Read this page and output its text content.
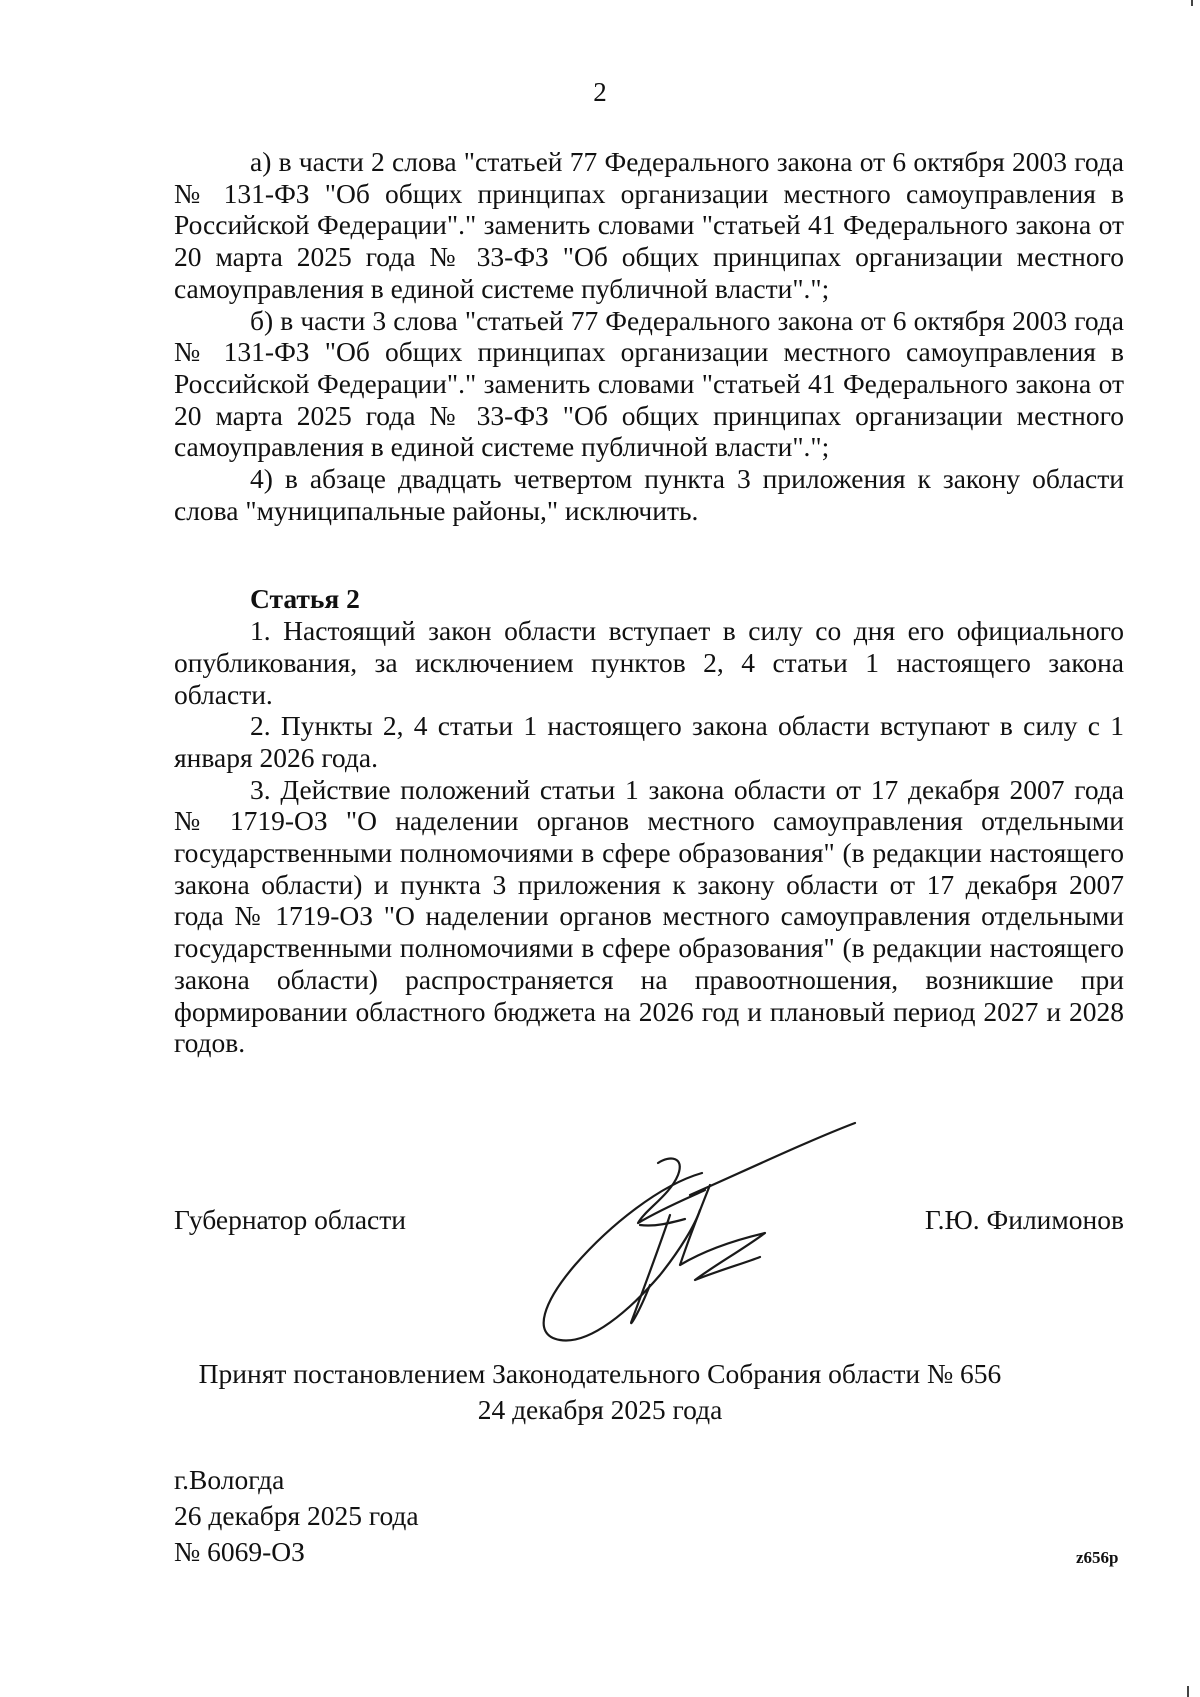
2

а) в части 2 слова "статьей 77 Федерального закона от 6 октября 2003 года № 131-ФЗ "Об общих принципах организации местного самоуправления в Российской Федерации"." заменить словами "статьей 41 Федерального закона от 20 марта 2025 года № 33-ФЗ "Об общих принципах организации местного самоуправления в единой системе публичной власти".";

б) в части 3 слова "статьей 77 Федерального закона от 6 октября 2003 года № 131-ФЗ "Об общих принципах организации местного самоуправления в Российской Федерации"." заменить словами "статьей 41 Федерального закона от 20 марта 2025 года № 33-ФЗ "Об общих принципах организации местного самоуправления в единой системе публичной власти".";

4) в абзаце двадцать четвертом пункта 3 приложения к закону области слова "муниципальные районы," исключить.

Статья 2

1. Настоящий закон области вступает в силу со дня его официального опубликования, за исключением пунктов 2, 4 статьи 1 настоящего закона области.

2. Пункты 2, 4 статьи 1 настоящего закона области вступают в силу с 1 января 2026 года.

3. Действие положений статьи 1 закона области от 17 декабря 2007 года № 1719-ОЗ "О наделении органов местного самоуправления отдельными государственными полномочиями в сфере образования" (в редакции настоящего закона области) и пункта 3 приложения к закону области от 17 декабря 2007 года № 1719-ОЗ "О наделении органов местного самоуправления отдельными государственными полномочиями в сфере образования" (в редакции настоящего закона области) распространяется на правоотношения, возникшие при формировании областного бюджета на 2026 год и плановый период 2027 и 2028 годов.

Губернатор области	Г.Ю. Филимонов
Принят постановлением Законодательного Собрания области № 656
24 декабря 2025 года
г.Вологда
26 декабря 2025 года
№ 6069-ОЗ	z656p
